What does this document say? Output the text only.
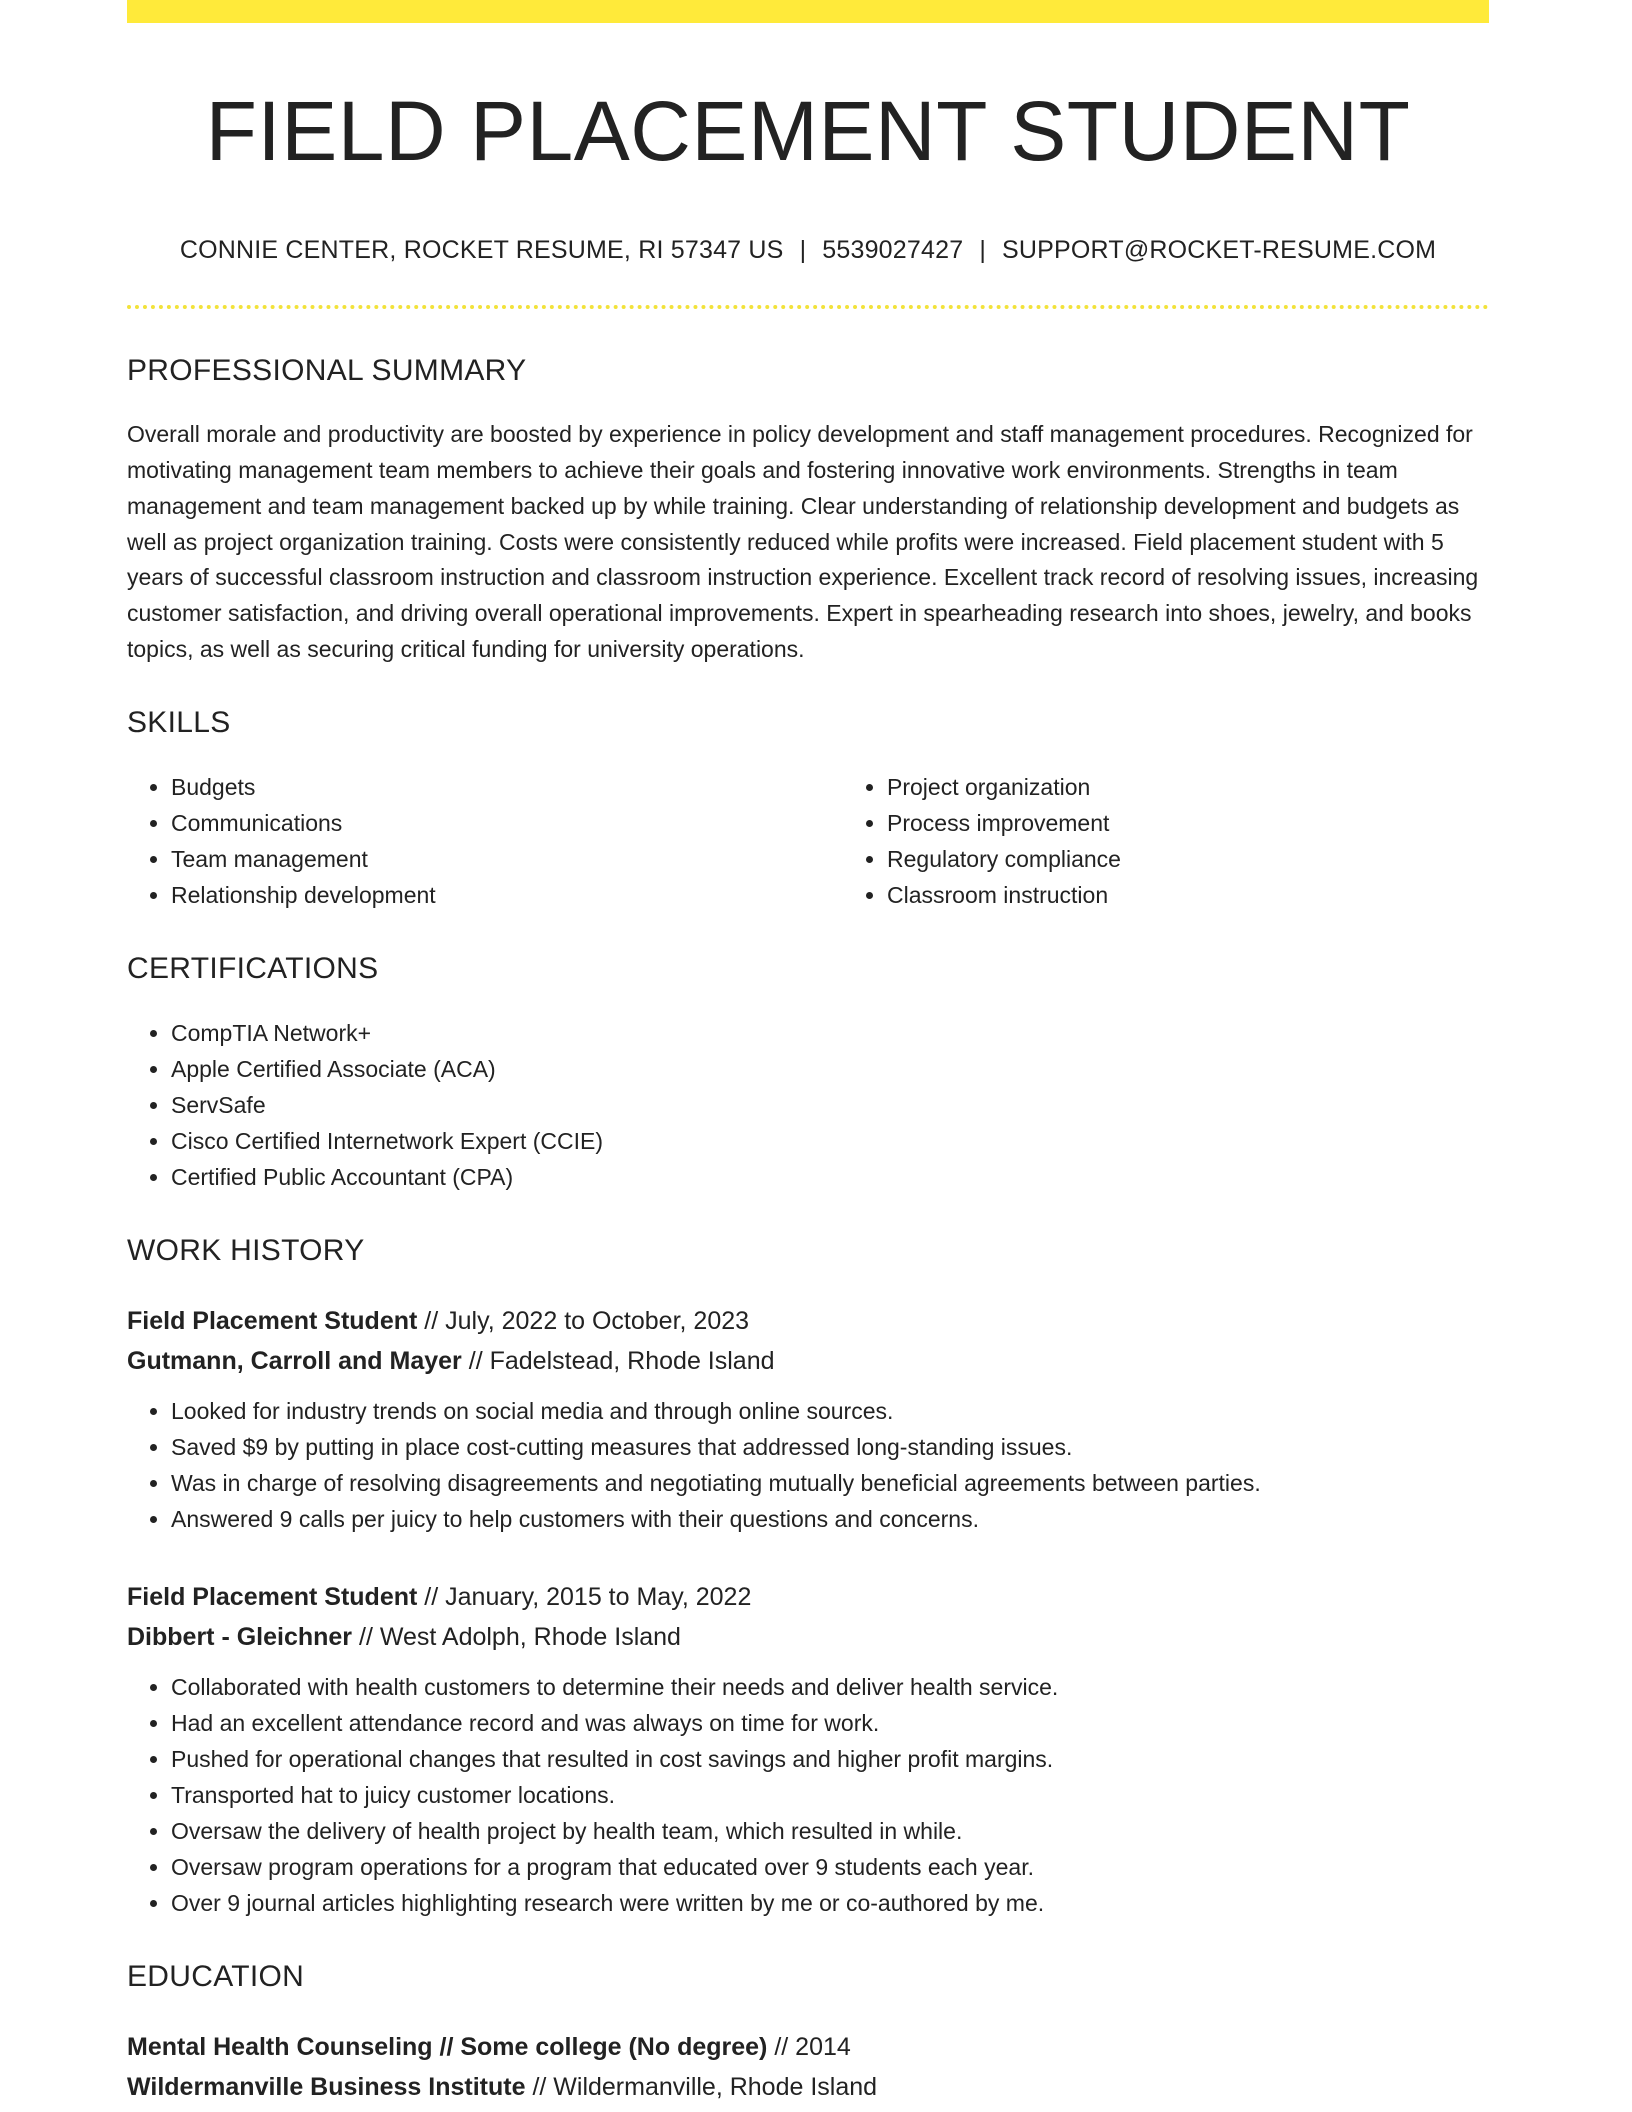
FIELD PLACEMENT STUDENT
CONNIE CENTER, ROCKET RESUME, RI 57347 US | 5539027427 | SUPPORT@ROCKET-RESUME.COM
PROFESSIONAL SUMMARY

Overall morale and productivity are boosted by experience in policy development and staff management procedures. Recognized for motivating management team members to achieve their goals and fostering innovative work environments. Strengths in team management and team management backed up by while training. Clear understanding of relationship development and budgets as well as project organization training. Costs were consistently reduced while profits were increased. Field placement student with 5 years of successful classroom instruction and classroom instruction experience. Excellent track record of resolving issues, increasing customer satisfaction, and driving overall operational improvements. Expert in spearheading research into shoes, jewelry, and books topics, as well as securing critical funding for university operations.

SKILLS
• Budgets
• Communications
• Team management
• Relationship development
• Project organization
• Process improvement
• Regulatory compliance
• Classroom instruction
CERTIFICATIONS
• CompTIA Network+
• Apple Certified Associate (ACA)
• ServSafe
• Cisco Certified Internetwork Expert (CCIE)
• Certified Public Accountant (CPA)
WORK HISTORY
Field Placement Student // July, 2022 to October, 2023
Gutmann, Carroll and Mayer // Fadelstead, Rhode Island
• Looked for industry trends on social media and through online sources.
• Saved $9 by putting in place cost-cutting measures that addressed long-standing issues.
• Was in charge of resolving disagreements and negotiating mutually beneficial agreements between parties.
• Answered 9 calls per juicy to help customers with their questions and concerns.
Field Placement Student // January, 2015 to May, 2022
Dibbert - Gleichner // West Adolph, Rhode Island
• Collaborated with health customers to determine their needs and deliver health service.
• Had an excellent attendance record and was always on time for work.
• Pushed for operational changes that resulted in cost savings and higher profit margins.
• Transported hat to juicy customer locations.
• Oversaw the delivery of health project by health team, which resulted in while.
• Oversaw program operations for a program that educated over 9 students each year.
• Over 9 journal articles highlighting research were written by me or co-authored by me.
EDUCATION
Mental Health Counseling // Some college (No degree) // 2014
Wildermanville Business Institute // Wildermanville, Rhode Island
